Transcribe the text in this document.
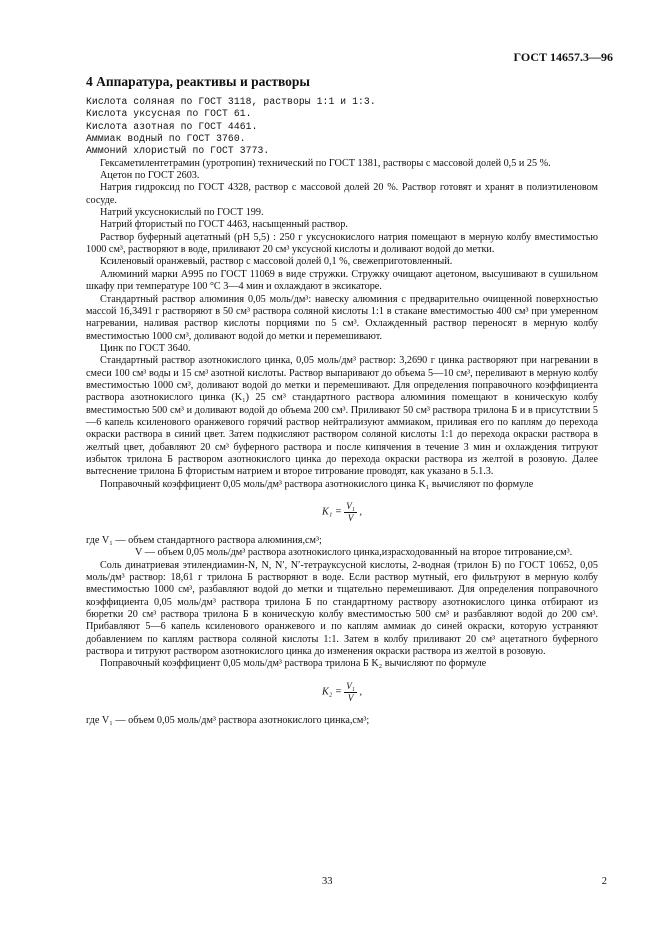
ГОСТ 14657.3—96
4 Аппаратура, реактивы и растворы

Кислота соляная по ГОСТ 3118, растворы 1:1 и 1:3.

Кислота уксусная по ГОСТ 61.

Кислота азотная по ГОСТ 4461.

Аммиак водный по ГОСТ 3760.

Аммоний хлористый по ГОСТ 3773.

Гексаметилентетрамин (уротропин) технический по ГОСТ 1381, растворы с массовой долей 0,5 и 25 %.

Ацетон по ГОСТ 2603.

Натрия гидроксид по ГОСТ 4328, раствор с массовой долей 20 %. Раствор готовят и хранят в полиэтиленовом сосуде.

Натрий уксуснокислый по ГОСТ 199.

Натрий фтористый по ГОСТ 4463, насыщенный раствор.

Раствор буферный ацетатный (рН 5,5) : 250 г уксуснокислого натрия помещают в мерную колбу вместимостью 1000 см³, растворяют в воде, приливают 20 см³ уксусной кислоты и доливают водой до метки.

Ксиленовый оранжевый, раствор с массовой долей 0,1 %, свежеприготовленный.

Алюминий марки А995 по ГОСТ 11069 в виде стружки. Стружку очищают ацетоном, высушивают в сушильном шкафу при температуре 100 °С 3—4 мин и охлаждают в эксикаторе.

Стандартный раствор алюминия 0,05 моль/дм³: навеску алюминия с предварительно очищенной поверхностью массой 16,3491 г растворяют в 50 см³ раствора соляной кислоты 1:1 в стакане вместимостью 400 см³ при умеренном нагревании, наливая раствор кислоты порциями по 5 см³. Охлажденный раствор переносят в мерную колбу вместимостью 1000 см³, доливают водой до метки и перемешивают.

Цинк по ГОСТ 3640.

Стандартный раствор азотнокислого цинка, 0,05 моль/дм³ раствор: 3,2690 г цинка растворяют при нагревании в смеси 100 см³ воды и 15 см³ азотной кислоты. Раствор выпаривают до объема 5—10 см³, переливают в мерную колбу вместимостью 1000 см³, доливают водой до метки и перемешивают. Для определения поправочного коэффициента раствора азотнокислого цинка (K₁) 25 см³ стандартного раствора алюминия помещают в коническую колбу вместимостью 500 см³ и доливают водой до объема 200 см³. Приливают 50 см³ раствора трилона Б и в присутствии 5—6 капель ксиленового оранжевого горячий раствор нейтрализуют аммиаком, приливая его по каплям до перехода окраски раствора в синий цвет. Затем подкисляют раствором соляной кислоты 1:1 до перехода окраски раствора в желтый цвет, добавляют 20 см³ буферного раствора и после кипячения в течение 3 мин и охлаждения титруют избыток трилона Б раствором азотнокислого цинка до перехода окраски раствора из желтой в розовую. Далее вытеснение трилона Б фтористым натрием и второе титрование проводят, как указано в 5.1.3.

Поправочный коэффициент 0,05 моль/дм³ раствора азотнокислого цинка K₁ вычисляют по формуле

$K_1 = \frac{\text{V₁}}{V}$ ,

где V₁ — объем стандартного раствора алюминия,см³;

V — объем 0,05 моль/дм³ раствора азотнокислого цинка,израсходованный на второе титрование,см³.

Соль динатриевая этилендиамин-N, N, N′, N′-тетрауксусной кислоты, 2-водная (трилон Б) по ГОСТ 10652, 0,05 моль/дм³ раствор: 18,61 г трилона Б растворяют в воде. Если раствор мутный, его фильтруют в мерную колбу вместимостью 1000 см³, разбавляют водой до метки и тщательно перемешивают. Для определения поправочного коэффициента 0,05 моль/дм³ раствора трилона Б по стандартному раствору азотнокислого цинка отбирают из бюретки 20 см³ раствора трилона Б в коническую колбу вместимостью 500 см³ и разбавляют водой до 200 см³. Прибавляют 5—6 капель ксиленового оранжевого и по каплям аммиак до синей окраски, которую устраняют добавлением по каплям раствора соляной кислоты 1:1. Затем в колбу приливают 20 см³ ацетатного буферного раствора и титруют раствором азотнокислого цинка до изменения окраски раствора из желтой в розовую.

Поправочный коэффициент 0,05 моль/дм³ раствора трилона Б K₂ вычисляют по формуле

$K_2 = \frac{\text{V₁}}{V}$ ,

где V₁ — объем 0,05 моль/дм³ раствора азотнокислого цинка,см³;

33	2
